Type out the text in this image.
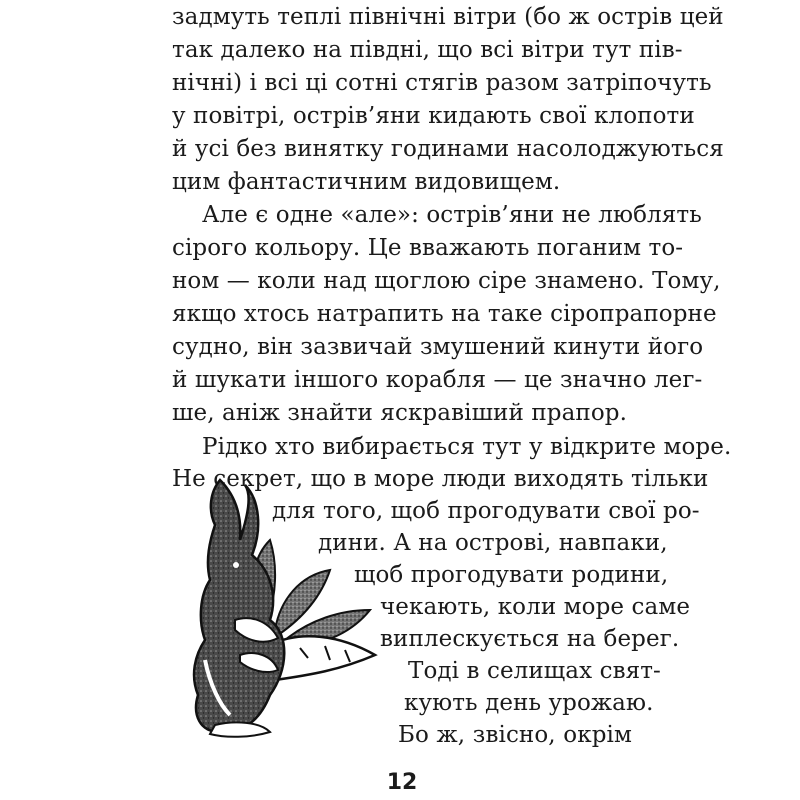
задмуть теплі північні вітри (бо ж острів цей
так далеко на півдні, що всі вітри тут пів-
нічні) і всі ці сотні стягів разом затріпочуть
у повітрі, острів’яни кидають свої клопоти
й усі без винятку годинами насолоджуються
цим фантастичним видовищем.
Але є одне «але»: острів’яни не люблять
сірого кольору. Це вважають поганим то-
ном — коли над щоглою сіре знамено. Тому,
якщо хтось натрапить на таке сіропрапорне
судно, він зазвичай змушений кинути його
й шукати іншого корабля — це значно лег-
ше, аніж знайти яскравіший прапор.
Рідко хто вибирається тут у відкрите море.
Не секрет, що в море люди виходять тільки
для того, щоб прогодувати свої ро-
дини. А на острові, навпаки,
щоб прогодувати родини,
чекають, коли море саме
виплескується на берег.
Тоді в селищах свят-
кують день урожаю.
12
Бо ж, звісно, окрім
